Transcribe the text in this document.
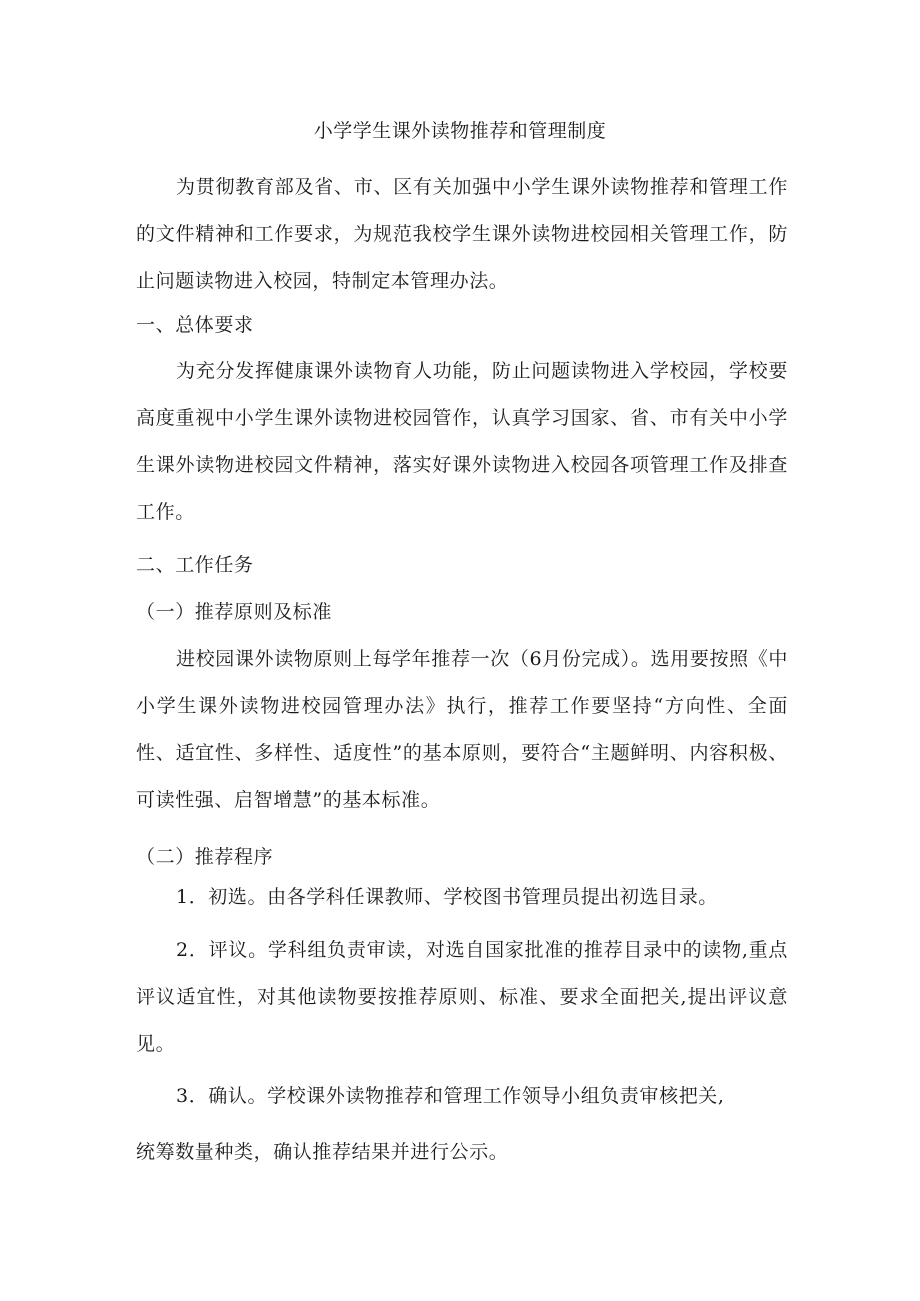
小学学生课外读物推荐和管理制度
为贯彻教育部及省、市、区有关加强中小学生课外读物推荐和管理工作的文件精神和工作要求，为规范我校学生课外读物进校园相关管理工作，防止问题读物进入校园，特制定本管理办法。
一、总体要求
为充分发挥健康课外读物育人功能，防止问题读物进入学校园，学校要高度重视中小学生课外读物进校园管作，认真学习国家、省、市有关中小学生课外读物进校园文件精神，落实好课外读物进入校园各项管理工作及排查工作。
二、工作任务
（一）推荐原则及标准
进校园课外读物原则上每学年推荐一次（6月份完成）。选用要按照《中小学生课外读物进校园管理办法》执行，推荐工作要坚持“方向性、全面性、适宜性、多样性、适度性”的基本原则，要符合“主题鲜明、内容积极、可读性强、启智增慧”的基本标准。
（二）推荐程序
1．初选。由各学科任课教师、学校图书管理员提出初选目录。
2．评议。学科组负责审读，对选自国家批准的推荐目录中的读物,重点评议适宜性，对其他读物要按推荐原则、标准、要求全面把关,提出评议意见。
3．确认。学校课外读物推荐和管理工作领导小组负责审核把关,
统筹数量种类，确认推荐结果并进行公示。
